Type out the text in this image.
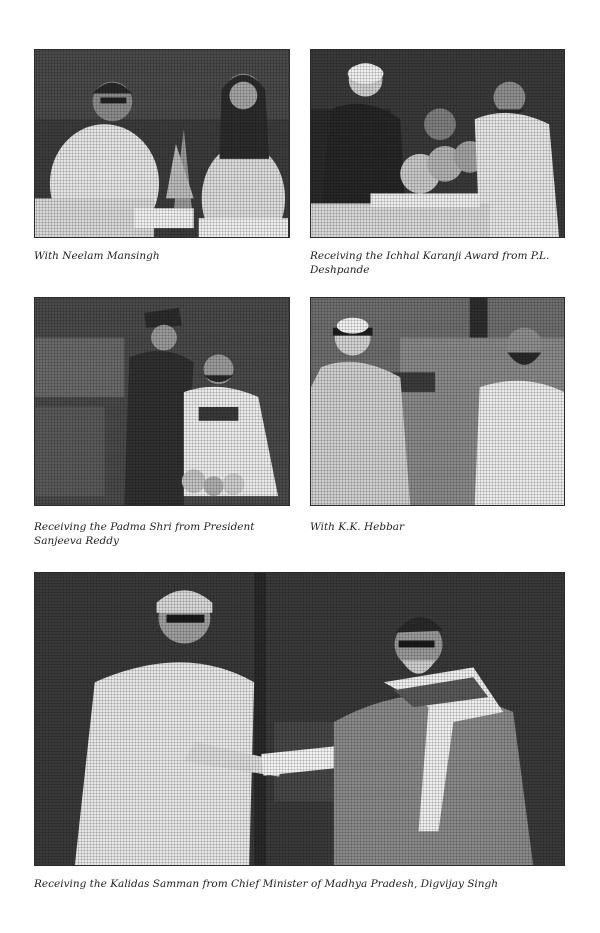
With Neelam Mansingh	Receiving the Ichhal Karanji Award from P.L. Deshpande

Receiving the Padma Shri from President Sanjeeva Reddy

With K.K. Hebbar

Receiving the Kalidas Samman from Chief Minister of Madhya Pradesh, Digvijay Singh
